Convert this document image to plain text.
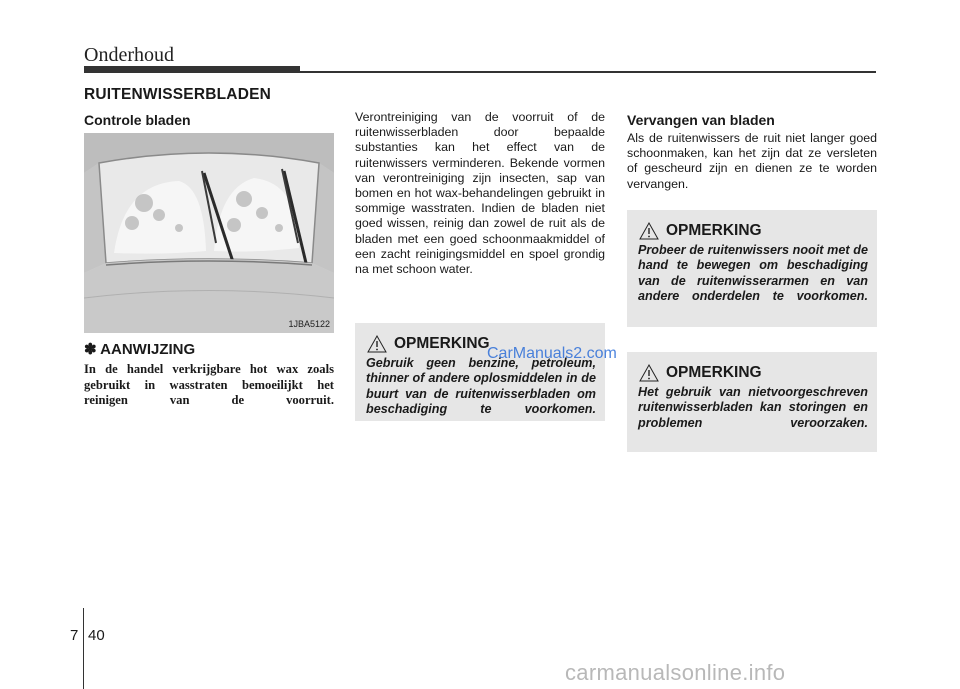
Onderhoud
RUITENWISSERBLADEN
Controle bladen
1JBA5122
✽ AANWIJZING
In de handel verkrijgbare hot wax zoals gebruikt in wasstraten bemoeilijkt het reinigen van de voorruit.
Verontreiniging van de voorruit of de ruitenwisserbladen door bepaalde substanties kan het effect van de ruitenwissers verminderen. Bekende vormen van verontreiniging zijn insecten, sap van bomen en hot wax-behandelingen gebruikt in sommige wasstraten. Indien de bladen niet goed wissen, reinig dan zowel de ruit als de bladen met een goed schoonmaakmiddel of een zacht reinigingsmiddel en spoel grondig na met schoon water.
OPMERKING
Gebruik geen benzine, petroleum, thinner of andere oplosmiddelen in de buurt van de ruitenwisserbladen om beschadiging te voorkomen.
Vervangen van bladen
Als de ruitenwissers de ruit niet langer goed schoonmaken, kan het zijn dat ze versleten of gescheurd zijn en dienen ze te worden vervangen.
OPMERKING
Probeer de ruitenwissers nooit met de hand te bewegen om beschadiging van de ruitenwisserarmen en van andere onderdelen te voorkomen.
OPMERKING
Het gebruik van nietvoorgeschreven ruitenwisserbladen kan storingen en problemen veroorzaken.
CarManuals2.com
7 40
carmanualsonline.info
